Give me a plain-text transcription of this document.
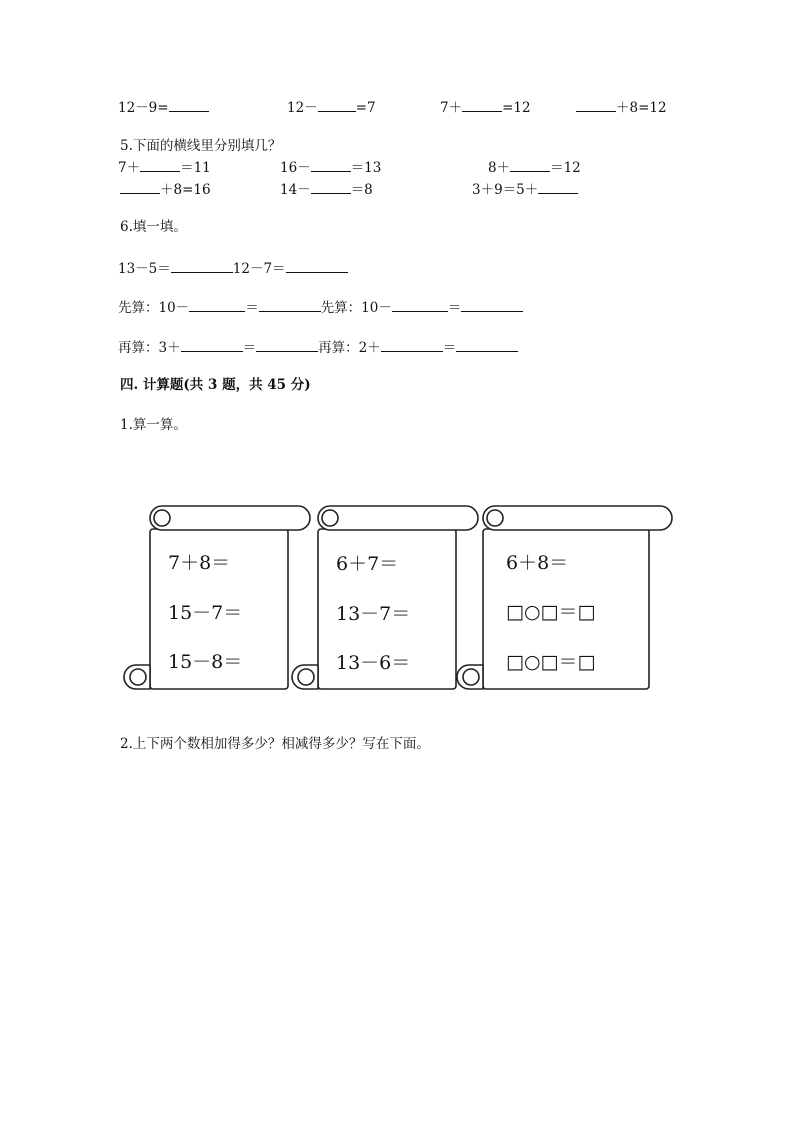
12－9=	12－	=7	7＋	=12	＋8=12
5.下面的横线里分别填几？
7＋	＝11	16－	＝13	8＋	＝12
＋8=16	14－	＝8	3＋9＝5＋
6.填一填。
13－5＝	12－7＝
先算：10－	＝	先算：10－	＝
再算：3＋	＝	再算：2＋	＝
四. 计算题(共 3 题，共 45 分)
1.算一算。
7＋8＝
15－7＝
15－8＝
6＋7＝
13－7＝
13－6＝
6＋8＝
□○□＝□
□○□＝□
2.上下两个数相加得多少？相减得多少？写在下面。
